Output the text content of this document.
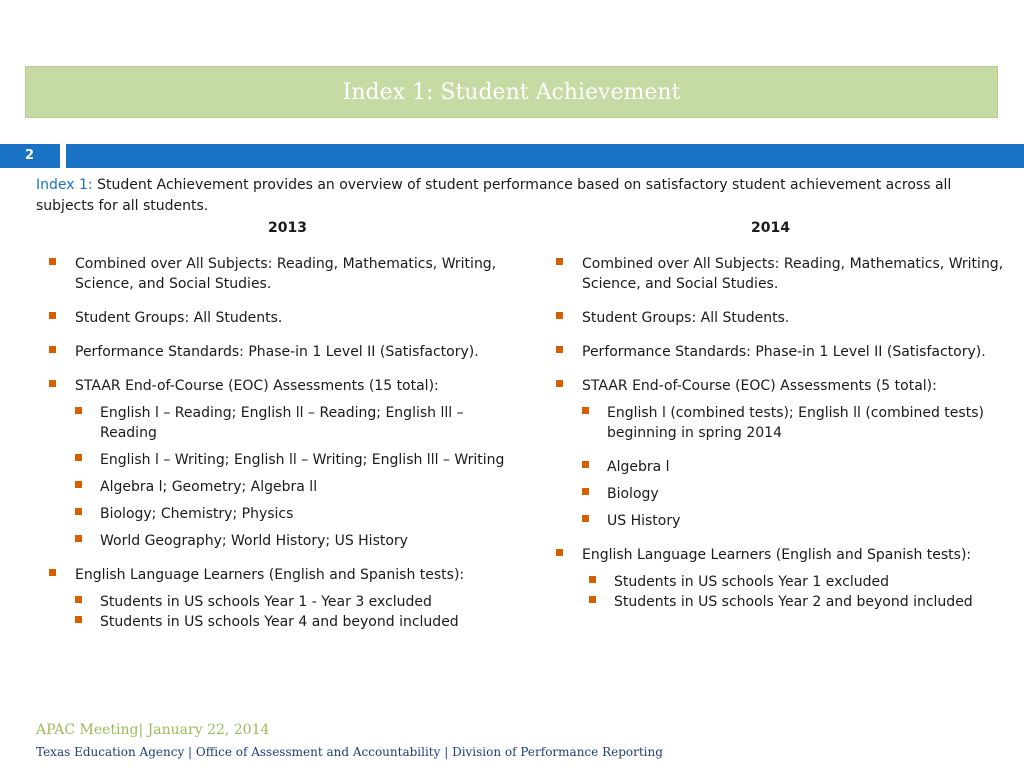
Index 1: Student Achievement
2
Index 1: Student Achievement provides an overview of student performance based on satisfactory student achievement across all subjects for all students.
2013	2014
Combined over All Subjects: Reading, Mathematics, Writing, Science, and Social Studies.
Student Groups: All Students.
Performance Standards: Phase-in 1 Level II (Satisfactory).
STAAR End-of-Course (EOC) Assessments (15 total):
English l – Reading; English ll – Reading; English lll – Reading
English l – Writing; English ll – Writing; English lll – Writing
Algebra l; Geometry; Algebra ll
Biology; Chemistry; Physics
World Geography; World History; US History
English Language Learners (English and Spanish tests):
Students in US schools Year 1 - Year 3 excluded
Students in US schools Year 4 and beyond included
Combined over All Subjects: Reading, Mathematics, Writing, Science, and Social Studies.
Student Groups: All Students.
Performance Standards: Phase-in 1 Level II (Satisfactory).
STAAR End-of-Course (EOC) Assessments (5 total):
English l (combined tests); English ll (combined tests) beginning in spring 2014
Algebra l
Biology
US History
English Language Learners (English and Spanish tests):
Students in US schools Year 1 excluded
Students in US schools Year 2 and beyond included
APAC Meeting| January 22, 2014
Texas Education Agency | Office of Assessment and Accountability | Division of Performance Reporting
